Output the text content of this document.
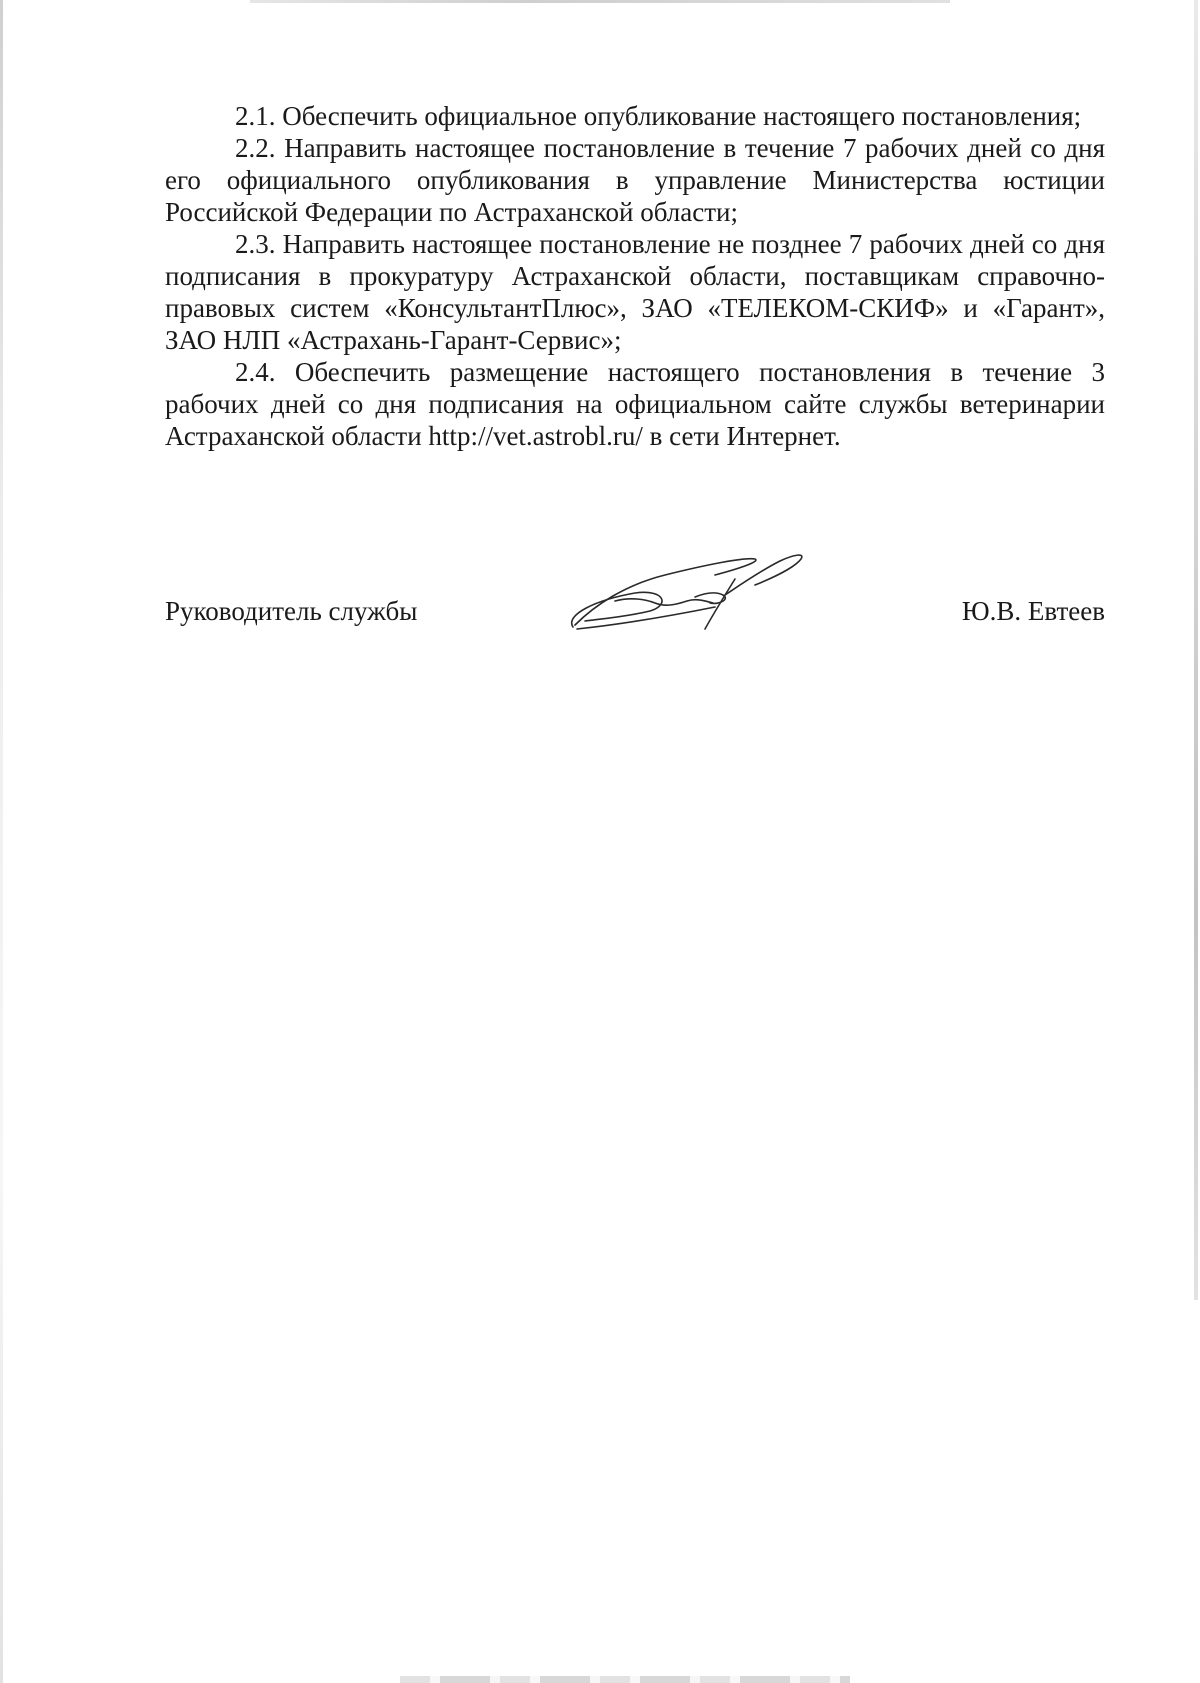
2.1. Обеспечить официальное опубликование настоящего постановления;

2.2. Направить настоящее постановление в течение 7 рабочих дней со дня его официального опубликования в управление Министерства юстиции Российской Федерации по Астраханской области;

2.3. Направить настоящее постановление не позднее 7 рабочих дней со дня подписания в прокуратуру Астраханской области, поставщикам справочно-правовых систем «КонсультантПлюс», ЗАО «ТЕЛЕКОМ-СКИФ» и «Гарант», ЗАО НЛП «Астрахань-Гарант-Сервис»;

2.4. Обеспечить размещение настоящего постановления в течение 3 рабочих дней со дня подписания на официальном сайте службы ветеринарии Астраханской области http://vet.astrobl.ru/ в сети Интернет.

Руководитель службы	Ю.В. Евтеев
